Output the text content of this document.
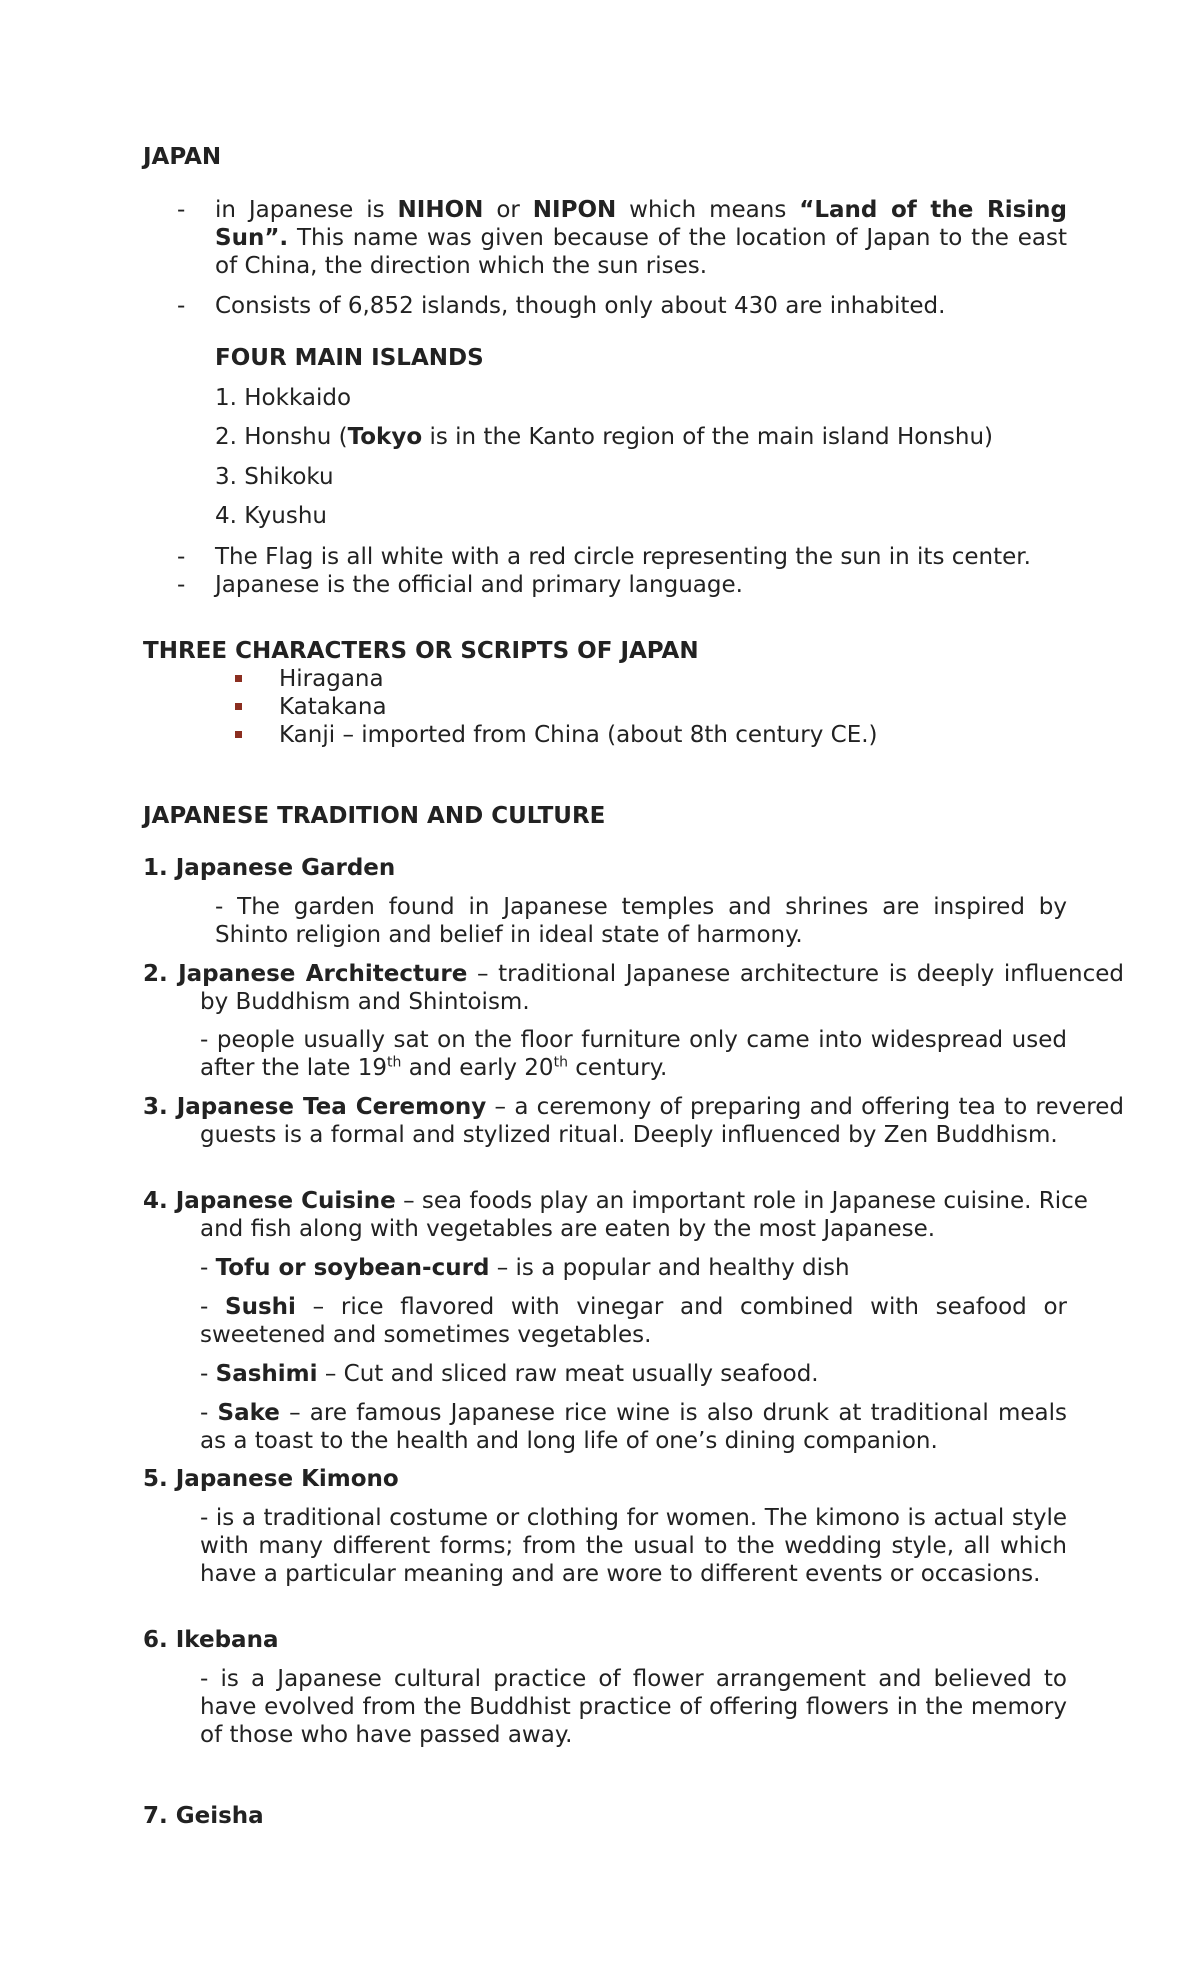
JAPAN
- in Japanese is NIHON or NIPON which means “Land of the Rising Sun”. This name was given because of the location of Japan to the east of China, the direction which the sun rises.
- Consists of 6,852 islands, though only about 430 are inhabited.
FOUR MAIN ISLANDS
1. Hokkaido
2. Honshu (Tokyo is in the Kanto region of the main island Honshu)
3. Shikoku
4. Kyushu
- The Flag is all white with a red circle representing the sun in its center.
- Japanese is the official and primary language.
THREE CHARACTERS OR SCRIPTS OF JAPAN
Hiragana
Katakana
Kanji – imported from China (about 8th century CE.)
JAPANESE TRADITION AND CULTURE
1. Japanese Garden
- The garden found in Japanese temples and shrines are inspired by Shinto religion and belief in ideal state of harmony.
2. Japanese Architecture – traditional Japanese architecture is deeply influenced by Buddhism and Shintoism.
- people usually sat on the floor furniture only came into widespread used after the late 19th and early 20th century.
3. Japanese Tea Ceremony – a ceremony of preparing and offering tea to revered guests is a formal and stylized ritual. Deeply influenced by Zen Buddhism.
4. Japanese Cuisine – sea foods play an important role in Japanese cuisine. Rice and fish along with vegetables are eaten by the most Japanese.
- Tofu or soybean-curd – is a popular and healthy dish
- Sushi – rice flavored with vinegar and combined with seafood or sweetened and sometimes vegetables.
- Sashimi – Cut and sliced raw meat usually seafood.
- Sake – are famous Japanese rice wine is also drunk at traditional meals as a toast to the health and long life of one’s dining companion.
5. Japanese Kimono
- is a traditional costume or clothing for women. The kimono is actual style with many different forms; from the usual to the wedding style, all which have a particular meaning and are wore to different events or occasions.
6. Ikebana
- is a Japanese cultural practice of flower arrangement and believed to have evolved from the Buddhist practice of offering flowers in the memory of those who have passed away.
7. Geisha
